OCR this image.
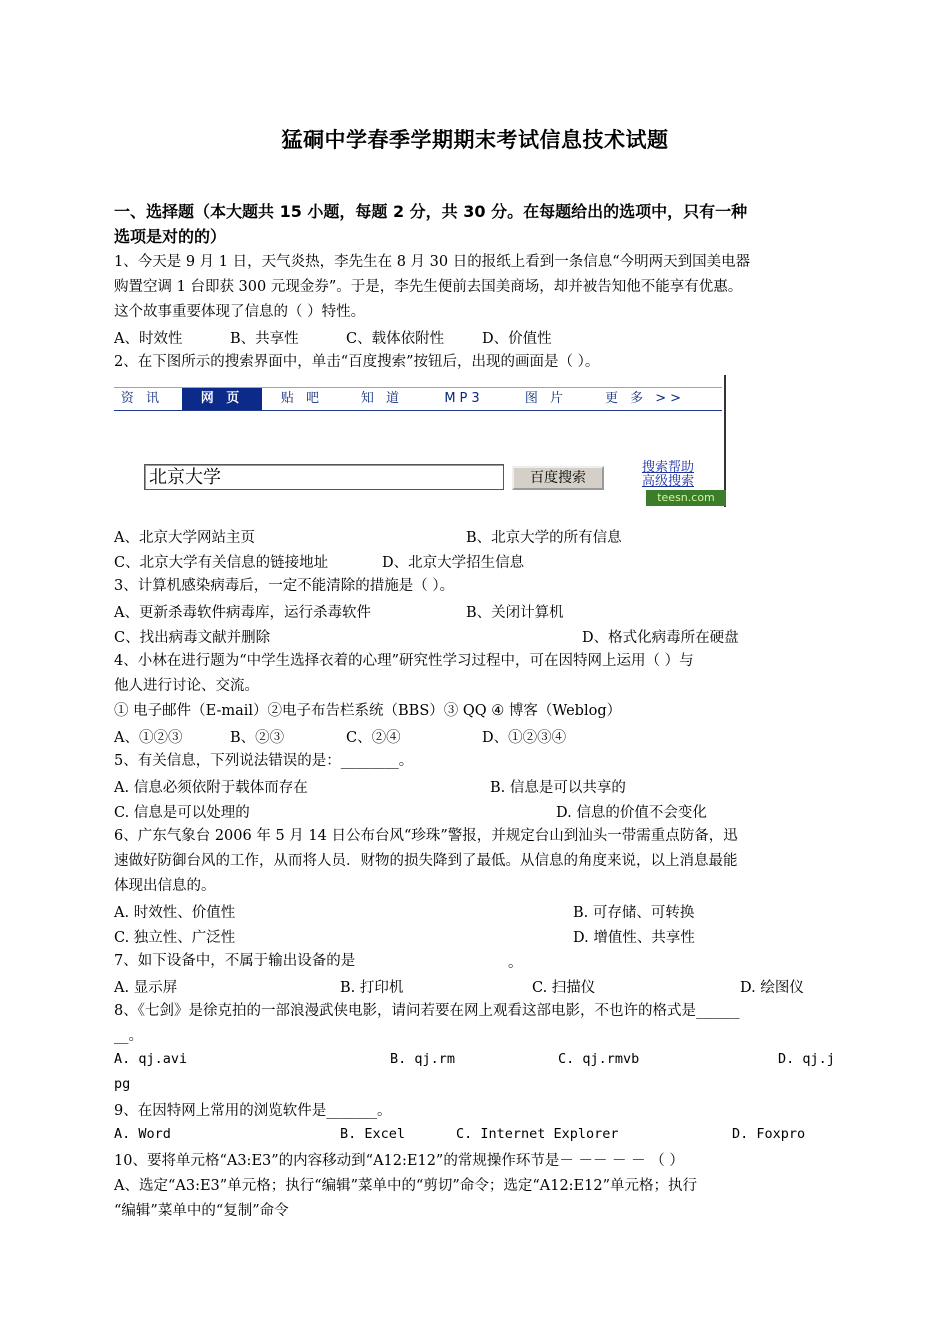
猛硐中学春季学期期末考试信息技术试题
一、选择题（本大题共 15 小题，每题 2 分，共 30 分。在每题给出的选项中，只有一种
选项是对的的）
1、今天是 9 月 1 日，天气炎热，李先生在 8 月 30 日的报纸上看到一条信息“今明两天到国美电器
购置空调 1 台即获 300 元现金券”。于是，李先生便前去国美商场，却并被告知他不能享有优惠。
这个故事重要体现了信息的（ ）特性。
A、时效性	B、共享性	C、载体依附性	D、价值性
2、在下图所示的搜索界面中，单击“百度搜索”按钮后，出现的画面是（ ）。
资 讯	网 页	贴 吧	知 道	MP3	图 片	更 多 >>
北京大学	百度搜索
搜索帮助
高级搜索
teesn.com
A、北京大学网站主页	B、北京大学的所有信息
C、北京大学有关信息的链接地址	D、北京大学招生信息
3、计算机感染病毒后，一定不能清除的措施是（ ）。
A、更新杀毒软件病毒库，运行杀毒软件	B、关闭计算机
C、找出病毒文献并删除	D、格式化病毒所在硬盘
4、小林在进行题为“中学生选择衣着的心理”研究性学习过程中，可在因特网上运用（ ）与
他人进行讨论、交流。
① 电子邮件（E-mail）②电子布告栏系统（BBS）③ QQ ④ 博客（Weblog）
A、①②③	B、②③	C、②④	D、①②③④
5、有关信息，下列说法错误的是：________。
A. 信息必须依附于载体而存在	B. 信息是可以共享的
C. 信息是可以处理的	D. 信息的价值不会变化
6、广东气象台 2006 年 5 月 14 日公布台风“珍珠”警报，并规定台山到汕头一带需重点防备，迅
速做好防御台风的工作，从而将人员．财物的损失降到了最低。从信息的角度来说，以上消息最能
体现出信息的。
A. 时效性、价值性	B. 可存储、可转换
C. 独立性、广泛性	D. 增值性、共享性
7、如下设备中，不属于输出设备的是	。
A. 显示屏	B. 打印机	C. 扫描仪	D. 绘图仪
8、《七剑》是徐克拍的一部浪漫武侠电影，请问若要在网上观看这部电影，不也许的格式是______
__。
A. qj.avi	B. qj.rm	C. qj.rmvb	D. qj.j
pg
9、在因特网上常用的浏览软件是_______。
A. Word	B. Excel	C. Internet Explorer	D. Foxpro
10、要将单元格“A3:E3”的内容移动到“A12:E12”的常规操作环节是－ －－ － － （ ）
A、选定“A3:E3”单元格；执行“编辑”菜单中的“剪切”命令；选定“A12:E12”单元格；执行
“编辑”菜单中的“复制”命令
